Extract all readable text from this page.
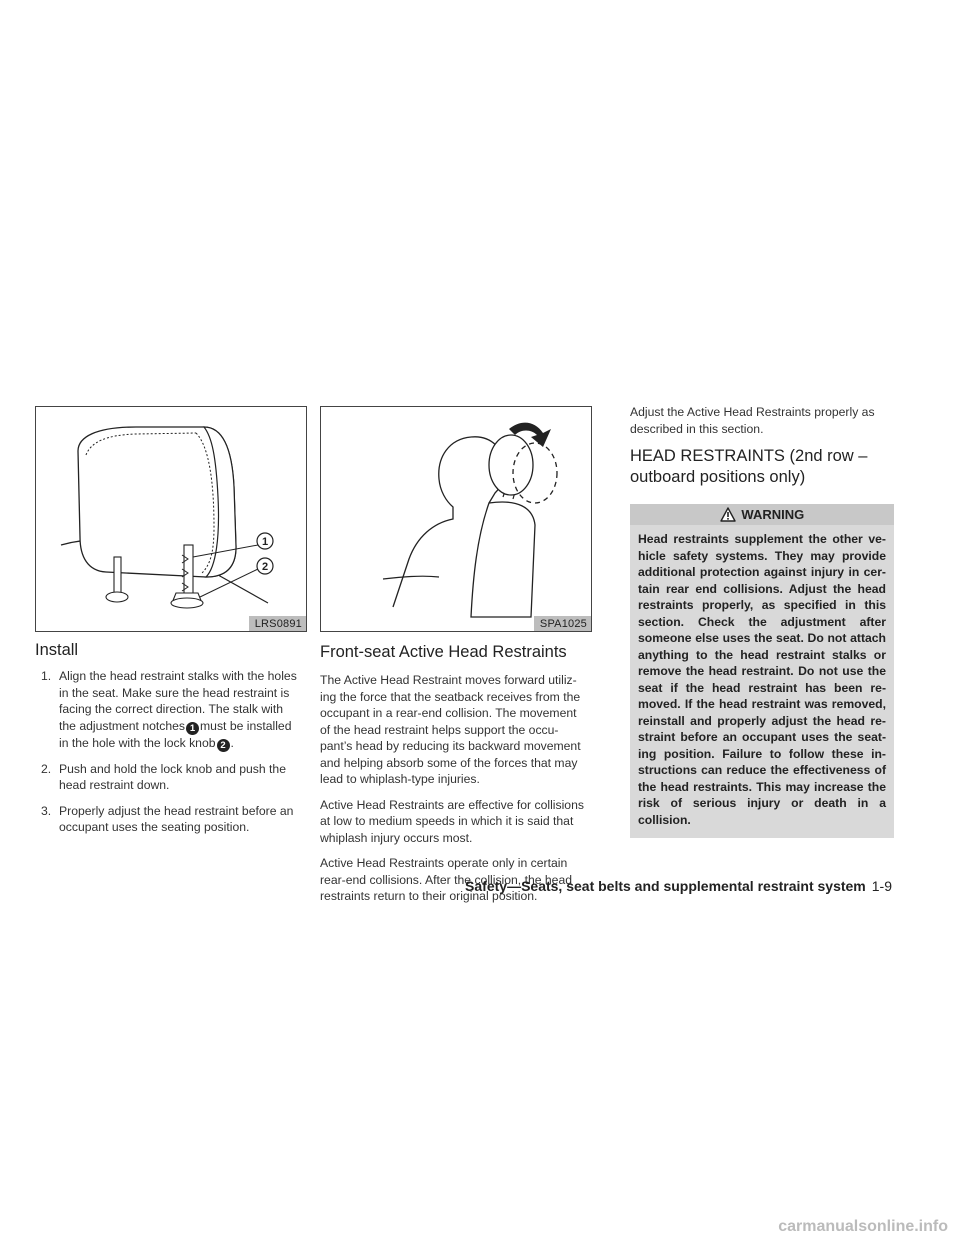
1
2
LRS0891
Install
1. Align the head restraint stalks with the holes in the seat. Make sure the head restraint is facing the correct direction. The stalk with the adjustment notches 1 must be installed in the hole with the lock knob 2 .
2. Push and hold the lock knob and push the head restraint down.
3. Properly adjust the head restraint before an occupant uses the seating position.
SPA1025
Front-seat Active Head Restraints

The Active Head Restraint moves forward utiliz-ing the force that the seatback receives from the occupant in a rear-end collision. The movement of the head restraint helps support the occu-pant’s head by reducing its backward movement and helping absorb some of the forces that may lead to whiplash-type injuries.

Active Head Restraints are effective for collisions at low to medium speeds in which it is said that whiplash injury occurs most.

Active Head Restraints operate only in certain rear-end collisions. After the collision, the head restraints return to their original position.

Adjust the Active Head Restraints properly as described in this section.

HEAD RESTRAINTS (2nd row – outboard positions only)
WARNING
Head restraints supplement the other ve-hicle safety systems. They may provide additional protection against injury in cer-tain rear end collisions. Adjust the head restraints properly, as specified in this section. Check the adjustment after someone else uses the seat. Do not attach anything to the head restraint stalks or remove the head restraint. Do not use the seat if the head restraint has been re-moved. If the head restraint was removed, reinstall and properly adjust the head re-straint before an occupant uses the seat-ing position. Failure to follow these in-structions can reduce the effectiveness of the head restraints. This may increase the risk of serious injury or death in a collision.
Safety—Seats, seat belts and supplemental restraint system 1-9
carmanualsonline.info
